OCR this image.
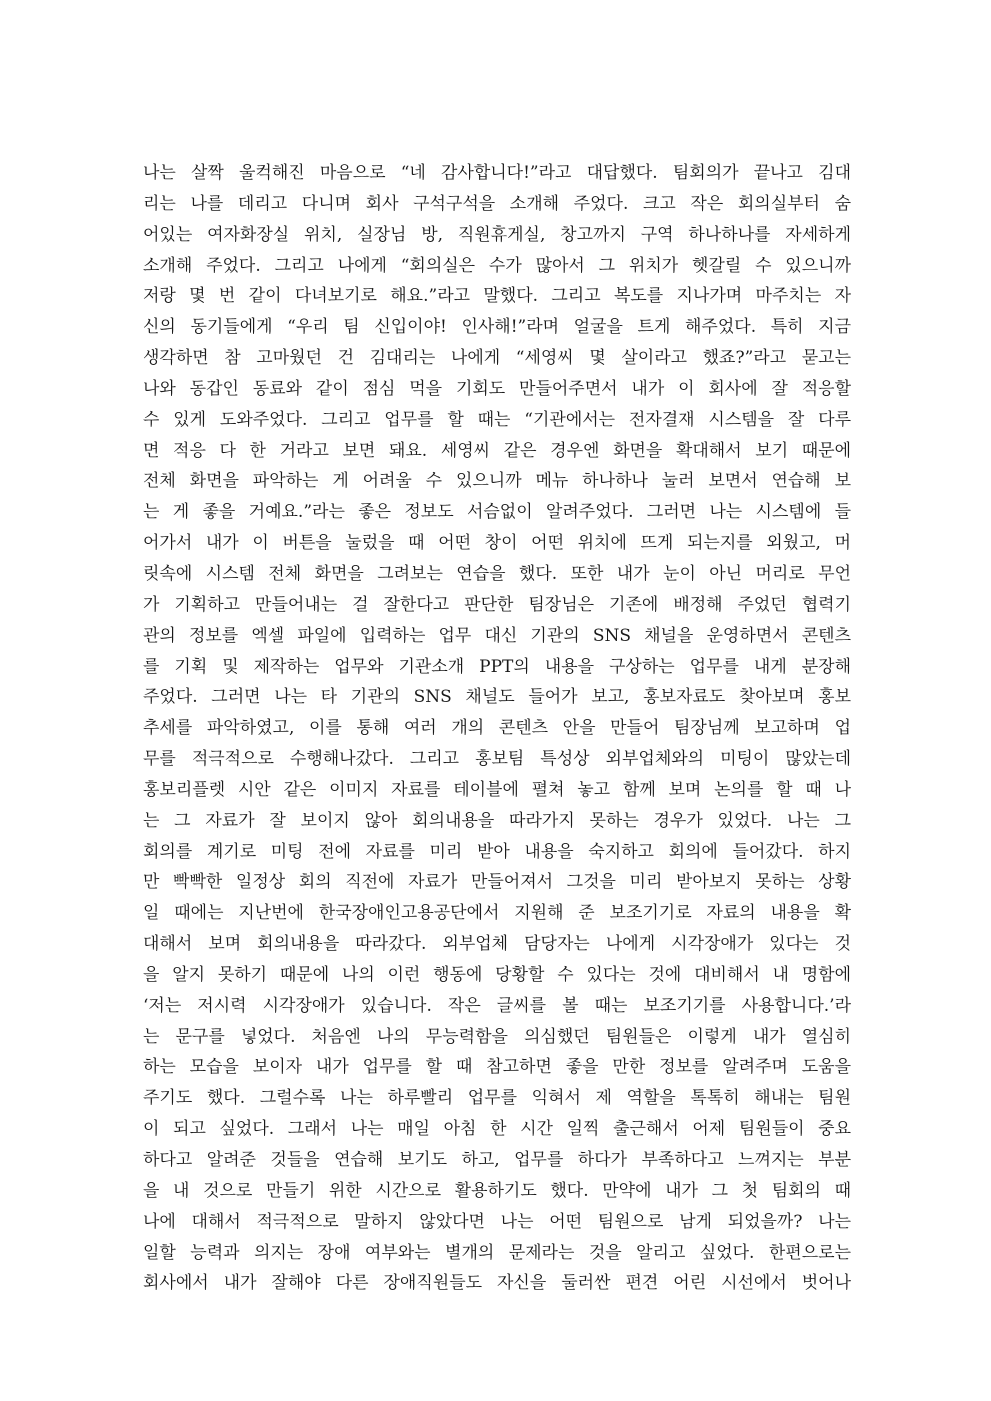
나는 살짝 울컥해진 마음으로 “네 감사합니다!”라고 대답했다. 팀회의가 끝나고 김대
리는 나를 데리고 다니며 회사 구석구석을 소개해 주었다. 크고 작은 회의실부터 숨
어있는 여자화장실 위치, 실장님 방, 직원휴게실, 창고까지 구역 하나하나를 자세하게
소개해 주었다. 그리고 나에게 “회의실은 수가 많아서 그 위치가 헷갈릴 수 있으니까
저랑 몇 번 같이 다녀보기로 해요.”라고 말했다. 그리고 복도를 지나가며 마주치는 자
신의 동기들에게 “우리 팀 신입이야! 인사해!”라며 얼굴을 트게 해주었다. 특히 지금
생각하면 참 고마웠던 건 김대리는 나에게 “세영씨 몇 살이라고 했죠?”라고 묻고는
나와 동갑인 동료와 같이 점심 먹을 기회도 만들어주면서 내가 이 회사에 잘 적응할
수 있게 도와주었다. 그리고 업무를 할 때는 “기관에서는 전자결재 시스템을 잘 다루
면 적응 다 한 거라고 보면 돼요. 세영씨 같은 경우엔 화면을 확대해서 보기 때문에
전체 화면을 파악하는 게 어려울 수 있으니까 메뉴 하나하나 눌러 보면서 연습해 보
는 게 좋을 거예요.”라는 좋은 정보도 서슴없이 알려주었다. 그러면 나는 시스템에 들
어가서 내가 이 버튼을 눌렀을 때 어떤 창이 어떤 위치에 뜨게 되는지를 외웠고, 머
릿속에 시스템 전체 화면을 그려보는 연습을 했다. 또한 내가 눈이 아닌 머리로 무언
가 기획하고 만들어내는 걸 잘한다고 판단한 팀장님은 기존에 배정해 주었던 협력기
관의 정보를 엑셀 파일에 입력하는 업무 대신 기관의 SNS 채널을 운영하면서 콘텐츠
를 기획 및 제작하는 업무와 기관소개 PPT의 내용을 구상하는 업무를 내게 분장해
주었다. 그러면 나는 타 기관의 SNS 채널도 들어가 보고, 홍보자료도 찾아보며 홍보
추세를 파악하였고, 이를 통해 여러 개의 콘텐츠 안을 만들어 팀장님께 보고하며 업
무를 적극적으로 수행해나갔다. 그리고 홍보팀 특성상 외부업체와의 미팅이 많았는데
홍보리플렛 시안 같은 이미지 자료를 테이블에 펼쳐 놓고 함께 보며 논의를 할 때 나
는 그 자료가 잘 보이지 않아 회의내용을 따라가지 못하는 경우가 있었다. 나는 그
회의를 계기로 미팅 전에 자료를 미리 받아 내용을 숙지하고 회의에 들어갔다. 하지
만 빡빡한 일정상 회의 직전에 자료가 만들어져서 그것을 미리 받아보지 못하는 상황
일 때에는 지난번에 한국장애인고용공단에서 지원해 준 보조기기로 자료의 내용을 확
대해서 보며 회의내용을 따라갔다. 외부업체 담당자는 나에게 시각장애가 있다는 것
을 알지 못하기 때문에 나의 이런 행동에 당황할 수 있다는 것에 대비해서 내 명함에
‘저는 저시력 시각장애가 있습니다. 작은 글씨를 볼 때는 보조기기를 사용합니다.’라
는 문구를 넣었다. 처음엔 나의 무능력함을 의심했던 팀원들은 이렇게 내가 열심히
하는 모습을 보이자 내가 업무를 할 때 참고하면 좋을 만한 정보를 알려주며 도움을
주기도 했다. 그럴수록 나는 하루빨리 업무를 익혀서 제 역할을 톡톡히 해내는 팀원
이 되고 싶었다. 그래서 나는 매일 아침 한 시간 일찍 출근해서 어제 팀원들이 중요
하다고 알려준 것들을 연습해 보기도 하고, 업무를 하다가 부족하다고 느껴지는 부분
을 내 것으로 만들기 위한 시간으로 활용하기도 했다. 만약에 내가 그 첫 팀회의 때
나에 대해서 적극적으로 말하지 않았다면 나는 어떤 팀원으로 남게 되었을까? 나는
일할 능력과 의지는 장애 여부와는 별개의 문제라는 것을 알리고 싶었다. 한편으로는
회사에서 내가 잘해야 다른 장애직원들도 자신을 둘러싼 편견 어린 시선에서 벗어나
